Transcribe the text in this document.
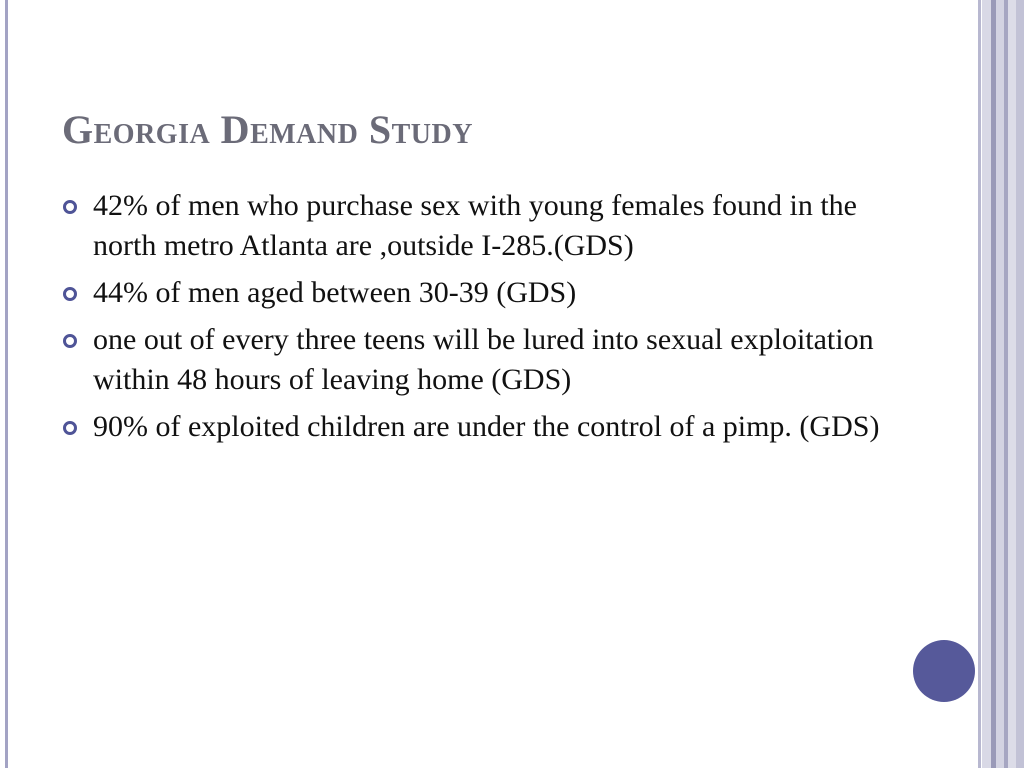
Georgia Demand Study
42% of men who purchase sex with young females found in the north metro Atlanta are ,outside I-285.(GDS)
44% of men aged between 30-39 (GDS)
one out of every three teens will be lured into sexual exploitation within 48 hours of leaving home (GDS)
90% of exploited children are under the control of a pimp. (GDS)
